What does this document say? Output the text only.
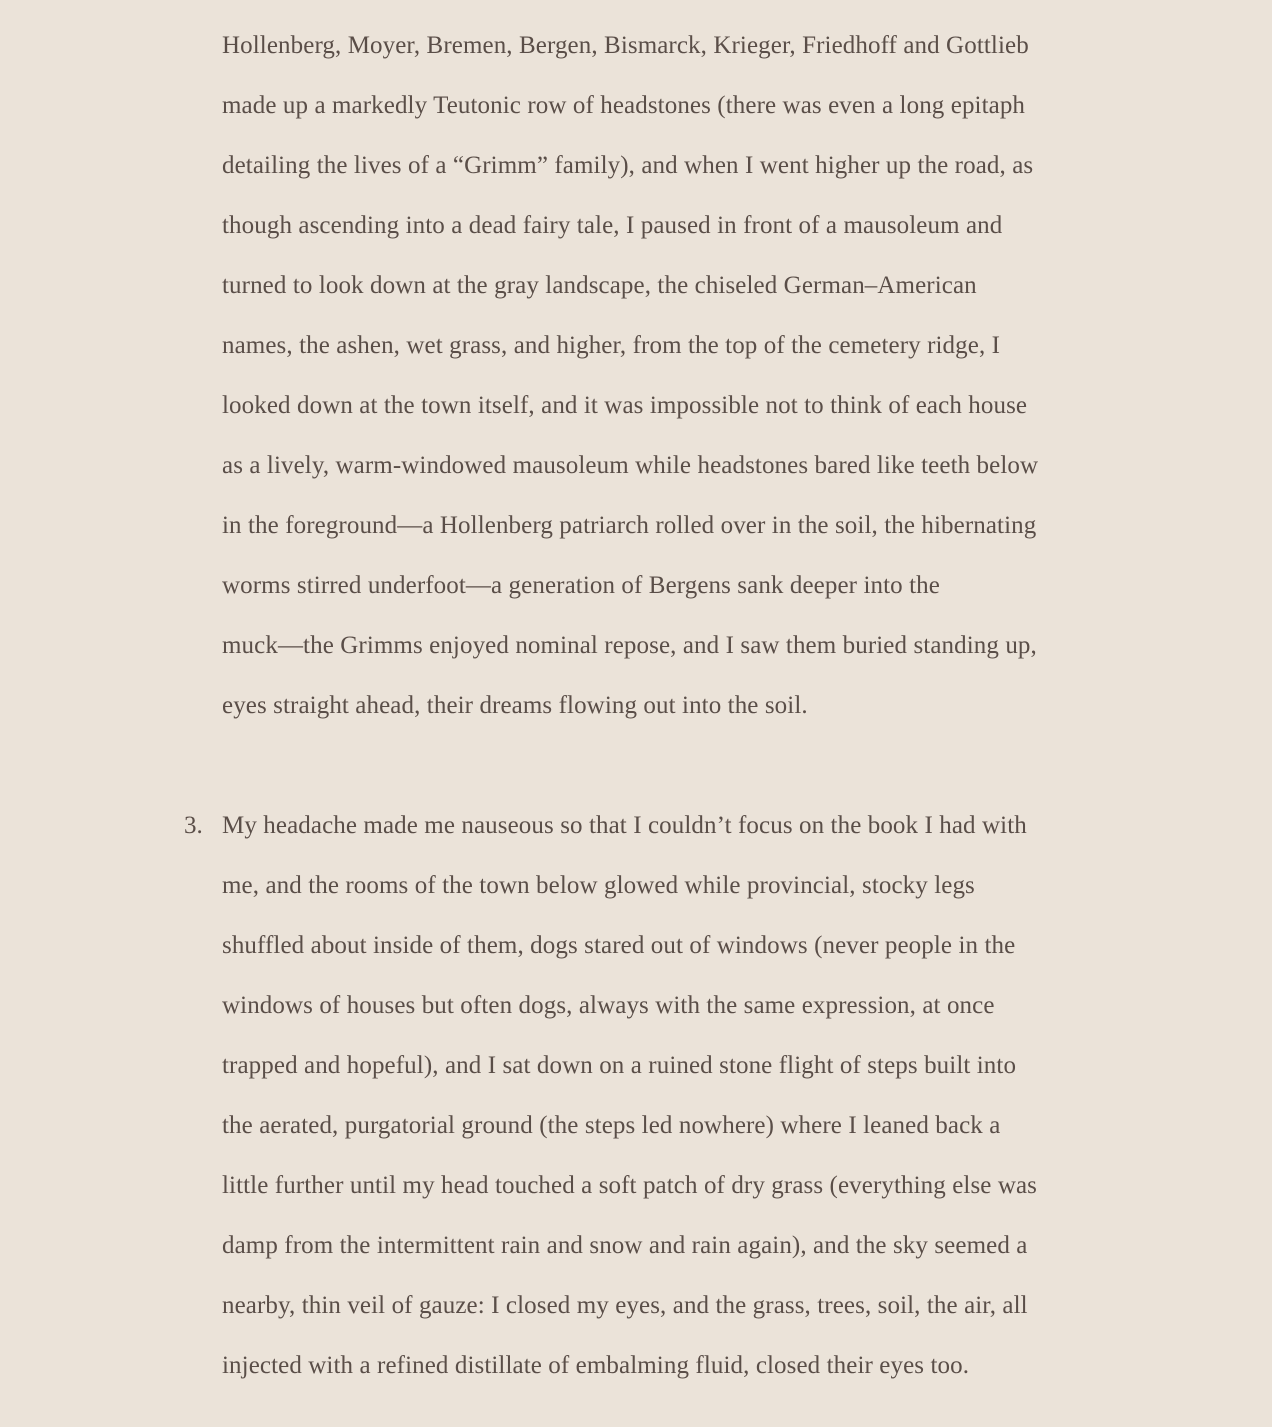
Hollenberg, Moyer, Bremen, Bergen, Bismarck, Krieger, Friedhoff and Gottlieb
made up a markedly Teutonic row of headstones (there was even a long epitaph
detailing the lives of a “Grimm” family), and when I went higher up the road, as
though ascending into a dead fairy tale, I paused in front of a mausoleum and
turned to look down at the gray landscape, the chiseled German–American
names, the ashen, wet grass, and higher, from the top of the cemetery ridge, I
looked down at the town itself, and it was impossible not to think of each house
as a lively, warm-windowed mausoleum while headstones bared like teeth below
in the foreground—a Hollenberg patriarch rolled over in the soil, the hibernating
worms stirred underfoot—a generation of Bergens sank deeper into the
muck—the Grimms enjoyed nominal repose, and I saw them buried standing up,
eyes straight ahead, their dreams flowing out into the soil.
3. My headache made me nauseous so that I couldn’t focus on the book I had with
me, and the rooms of the town below glowed while provincial, stocky legs
shuffled about inside of them, dogs stared out of windows (never people in the
windows of houses but often dogs, always with the same expression, at once
trapped and hopeful), and I sat down on a ruined stone flight of steps built into
the aerated, purgatorial ground (the steps led nowhere) where I leaned back a
little further until my head touched a soft patch of dry grass (everything else was
damp from the intermittent rain and snow and rain again), and the sky seemed a
nearby, thin veil of gauze: I closed my eyes, and the grass, trees, soil, the air, all
injected with a refined distillate of embalming fluid, closed their eyes too.
